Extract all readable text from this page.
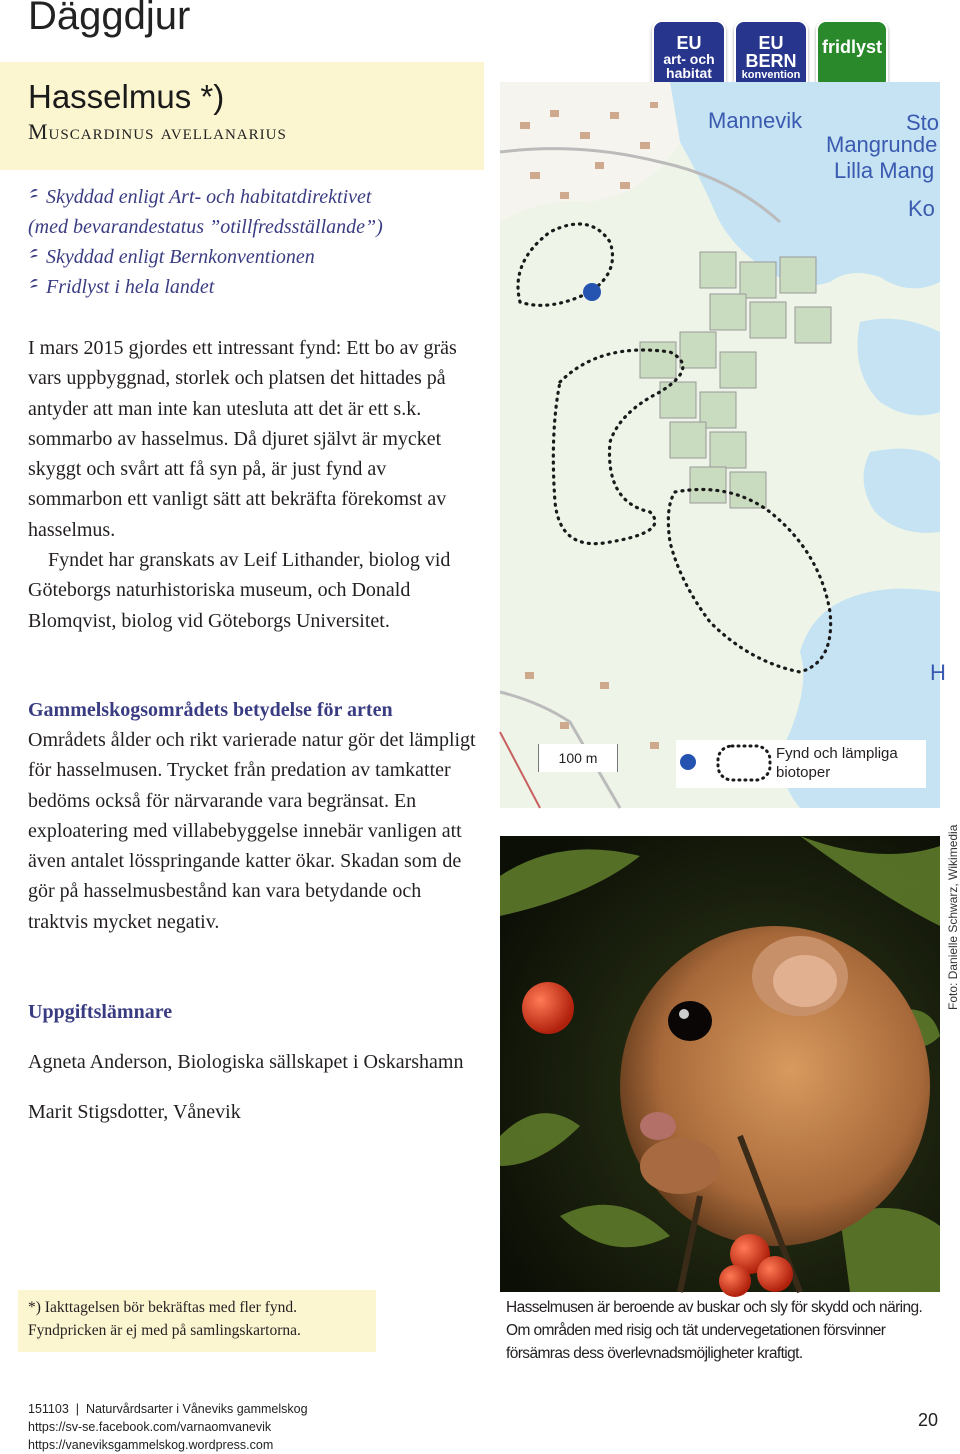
Däggdjur
Hasselmus *)
Muscardinus avellanarius
Skyddad enligt Art- och habitatdirektivet
(med bevarandestatus ”otillfredsställande”)
Skyddad enligt Bernkonventionen
Fridlyst i hela landet

I mars 2015 gjordes ett intressant fynd: Ett bo av gräs vars uppbyggnad, storlek och platsen det hittades på antyder att man inte kan utesluta att det är ett s.k. sommarbo av hasselmus. Då djuret självt är mycket skyggt och svårt att få syn på, är just fynd av sommarbon ett vanligt sätt att bekräfta förekomst av hasselmus.

Fyndet har granskats av Leif Lithander, biolog vid Göteborgs naturhistoriska museum, och Donald Blomqvist, biolog vid Göteborgs Universitet.

Gammelskogsområdets betydelse för arten

Områdets ålder och rikt varierade natur gör det lämpligt för hasselmusen. Trycket från predation av tamkatter bedöms också för närvarande vara begränsat. En exploatering med villabebyggelse innebär vanligen att även antalet lösspringande katter ökar. Skadan som de gör på hasselmusbestånd kan vara betydande och traktvis mycket negativ.

Uppgiftslämnare

Agneta Anderson, Biologiska sällskapet i Oskarshamn

Marit Stigsdotter, Vånevik

EU
art- och
habitat
EU
BERN
konvention
fridlyst
Mannevik	Sto
Mangrunde
Lilla Mang
Ko
H
100 m	Fynd och lämpliga biotoper
Foto: Danielle Schwarz, Wikimedia
*) Iakttagelsen bör bekräftas med fler fynd. Fyndpricken är ej med på samlingskartorna.
Hasselmusen är beroende av buskar och sly för skydd och näring. Om områden med risig och tät undervegetationen försvinner försämras dess överlevnadsmöjligheter kraftigt.
151103  |  Naturvårdsarter i Våneviks gammelskog
https://sv-se.facebook.com/varnaomvanevik
https://vaneviksgammelskog.wordpress.com
20
